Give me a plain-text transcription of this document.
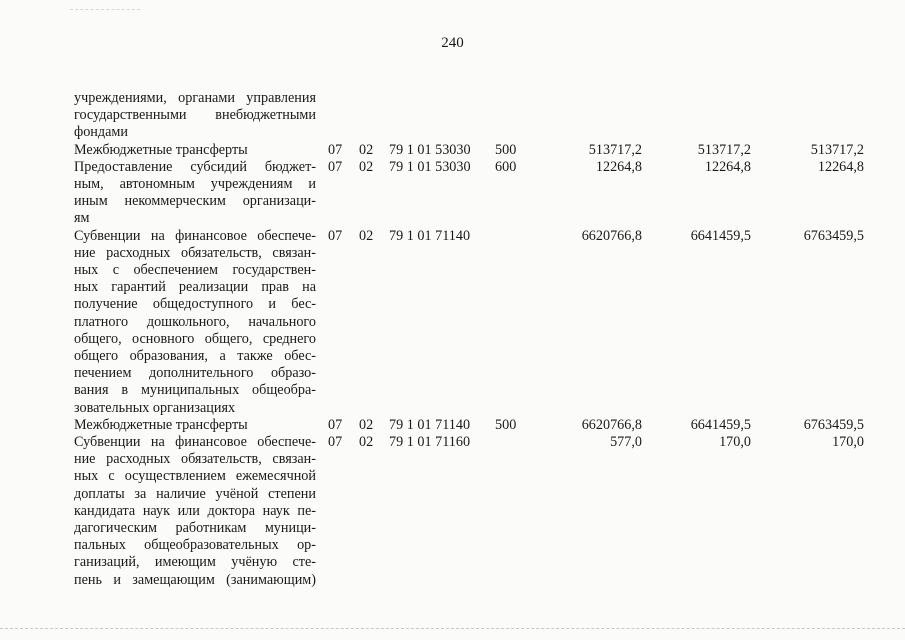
240
учреждениями, органами управления
государственными внебюджетными
фондами
Межбюджетные трансферты	07 02 79 1 01 53030 500	513717,2	513717,2	513717,2
Предоставление субсидий бюджет-
ным, автономным учреждениям и
иным некоммерческим организаци-
ям
07 02 79 1 01 53030 600	12264,8	12264,8	12264,8
Субвенции на финансовое обеспече-
ние расходных обязательств, связан-
ных с обеспечением государствен-
ных гарантий реализации прав на
получение общедоступного и бес-
платного дошкольного, начального
общего, основного общего, среднего
общего образования, а также обес-
печением дополнительного образо-
вания в муниципальных общеобра-
зовательных организациях
07 02 79 1 01 71140	6620766,8	6641459,5	6763459,5
Межбюджетные трансферты	07 02 79 1 01 71140 500	6620766,8	6641459,5	6763459,5
Субвенции на финансовое обеспече-
ние расходных обязательств, связан-
ных с осуществлением ежемесячной
доплаты за наличие учёной степени
кандидата наук или доктора наук пе-
дагогическим работникам муници-
пальных общеобразовательных ор-
ганизаций, имеющим учёную сте-
пень и замещающим (занимающим)
07 02 79 1 01 71160	577,0	170,0	170,0
